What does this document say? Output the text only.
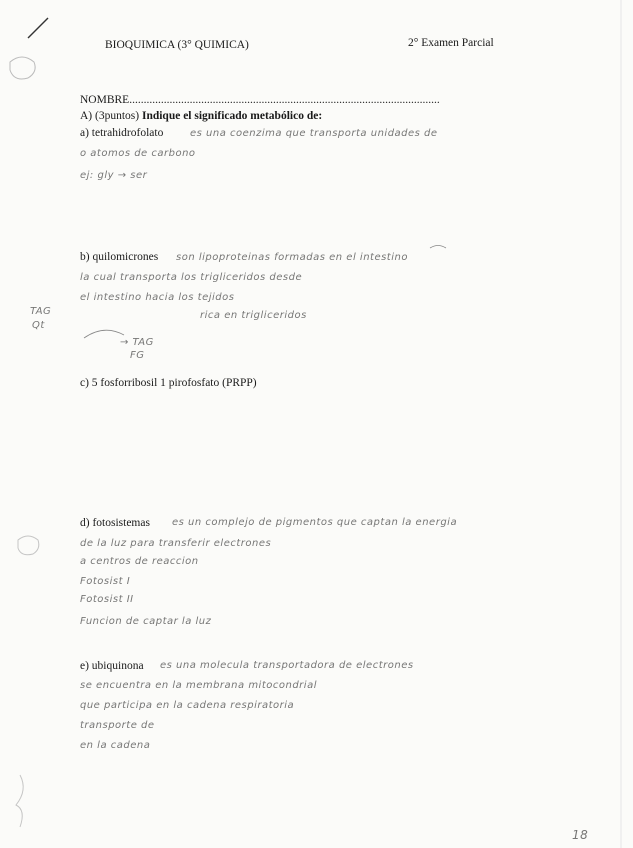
BIOQUIMICA (3° QUIMICA)	2° Examen Parcial
NOMBRE............................................................................................................
A) (3puntos) Indique el significado metabólico de:
a) tetrahidrofolato	es una coenzima que transporta unidades de
o atomos de carbono
ej: gly → ser
b) quilomicrones son lipoproteinas formadas en el intestino
la cual transporta los trigliceridos desde
el intestino hacia los tejidos
rica en trigliceridos
→ TAG
FG
TAG
Qt
c) 5 fosforribosil 1 pirofosfato (PRPP)
d) fotosistemas es un complejo de pigmentos que captan la energia
de la luz para transferir electrones
a centros de reaccion
Fotosist I
Fotosist II
Funcion de captar la luz
e) ubiquinona es una molecula transportadora de electrones
se encuentra en la membrana mitocondrial
que participa en la cadena respiratoria
transporte de
en la cadena
18
